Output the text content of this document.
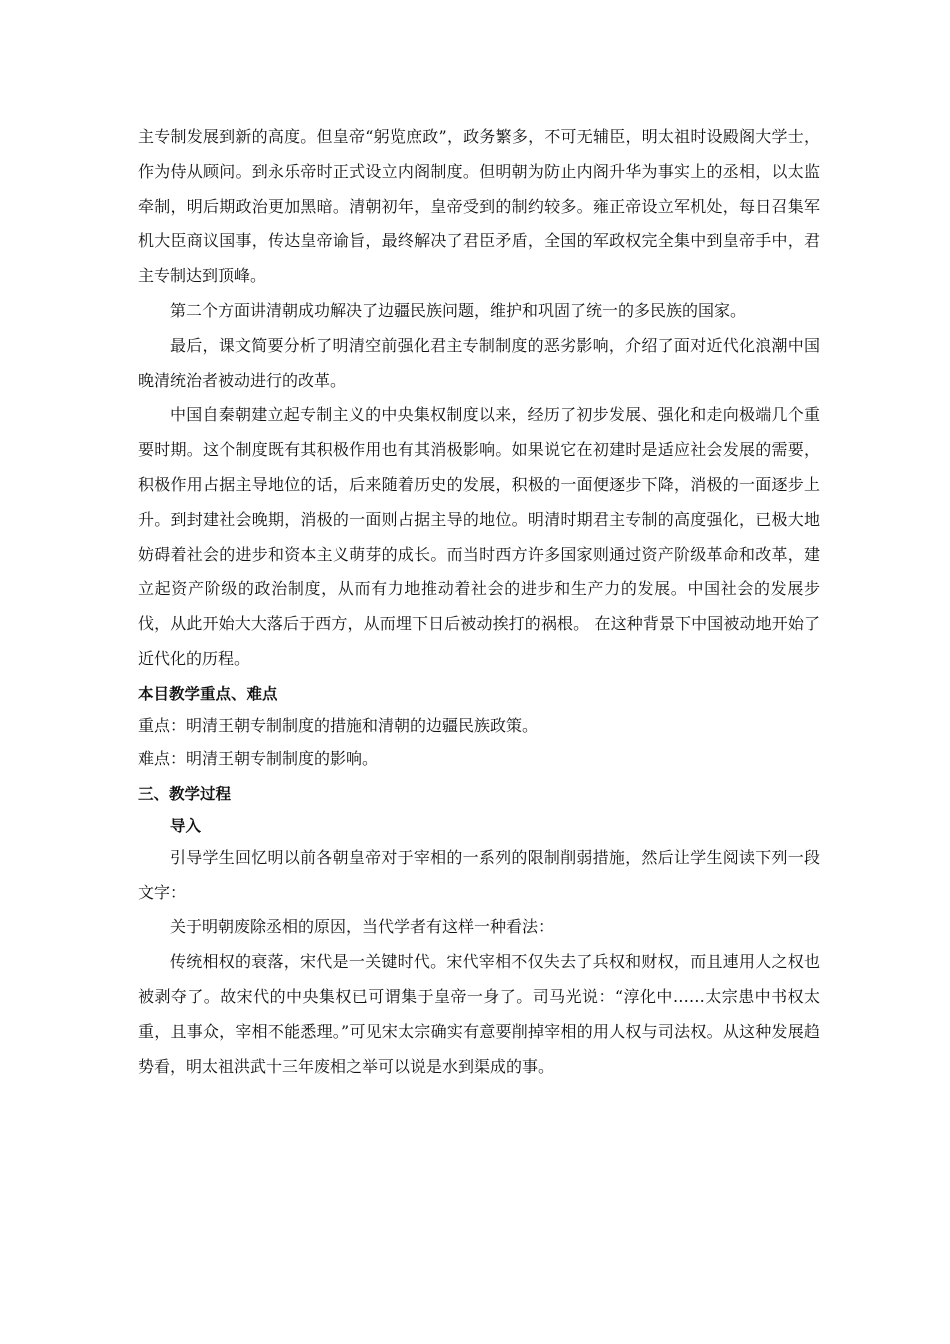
主专制发展到新的高度。但皇帝“躬览庶政”，政务繁多，不可无辅臣，明太祖时设殿阁大学士，作为侍从顾问。到永乐帝时正式设立内阁制度。但明朝为防止内阁升华为事实上的丞相，以太监牵制，明后期政治更加黑暗。清朝初年，皇帝受到的制约较多。雍正帝设立军机处，每日召集军机大臣商议国事，传达皇帝谕旨，最终解决了君臣矛盾，全国的军政权完全集中到皇帝手中，君主专制达到顶峰。

第二个方面讲清朝成功解决了边疆民族问题，维护和巩固了统一的多民族的国家。

最后，课文简要分析了明清空前强化君主专制制度的恶劣影响，介绍了面对近代化浪潮中国晚清统治者被动进行的改革。

中国自秦朝建立起专制主义的中央集权制度以来，经历了初步发展、强化和走向极端几个重要时期。这个制度既有其积极作用也有其消极影响。如果说它在初建时是适应社会发展的需要，积极作用占据主导地位的话，后来随着历史的发展，积极的一面便逐步下降，消极的一面逐步上升。到封建社会晚期，消极的一面则占据主导的地位。明清时期君主专制的高度强化，已极大地妨碍着社会的进步和资本主义萌芽的成长。而当时西方许多国家则通过资产阶级革命和改革，建立起资产阶级的政治制度，从而有力地推动着社会的进步和生产力的发展。中国社会的发展步伐，从此开始大大落后于西方，从而埋下日后被动挨打的祸根。 在这种背景下中国被动地开始了近代化的历程。

本目教学重点、难点

重点：明清王朝专制制度的措施和清朝的边疆民族政策。

难点：明清王朝专制制度的影响。

三、教学过程

导入

引导学生回忆明以前各朝皇帝对于宰相的一系列的限制削弱措施，然后让学生阅读下列一段文字：

关于明朝废除丞相的原因，当代学者有这样一种看法：

传统相权的衰落，宋代是一关键时代。宋代宰相不仅失去了兵权和财权，而且連用人之权也被剥夺了。故宋代的中央集权已可谓集于皇帝一身了。司马光说：“淳化中……太宗患中书权太重，且事众，宰相不能悉理。”可见宋太宗确实有意要削掉宰相的用人权与司法权。从这种发展趋势看，明太祖洪武十三年废相之举可以说是水到渠成的事。
